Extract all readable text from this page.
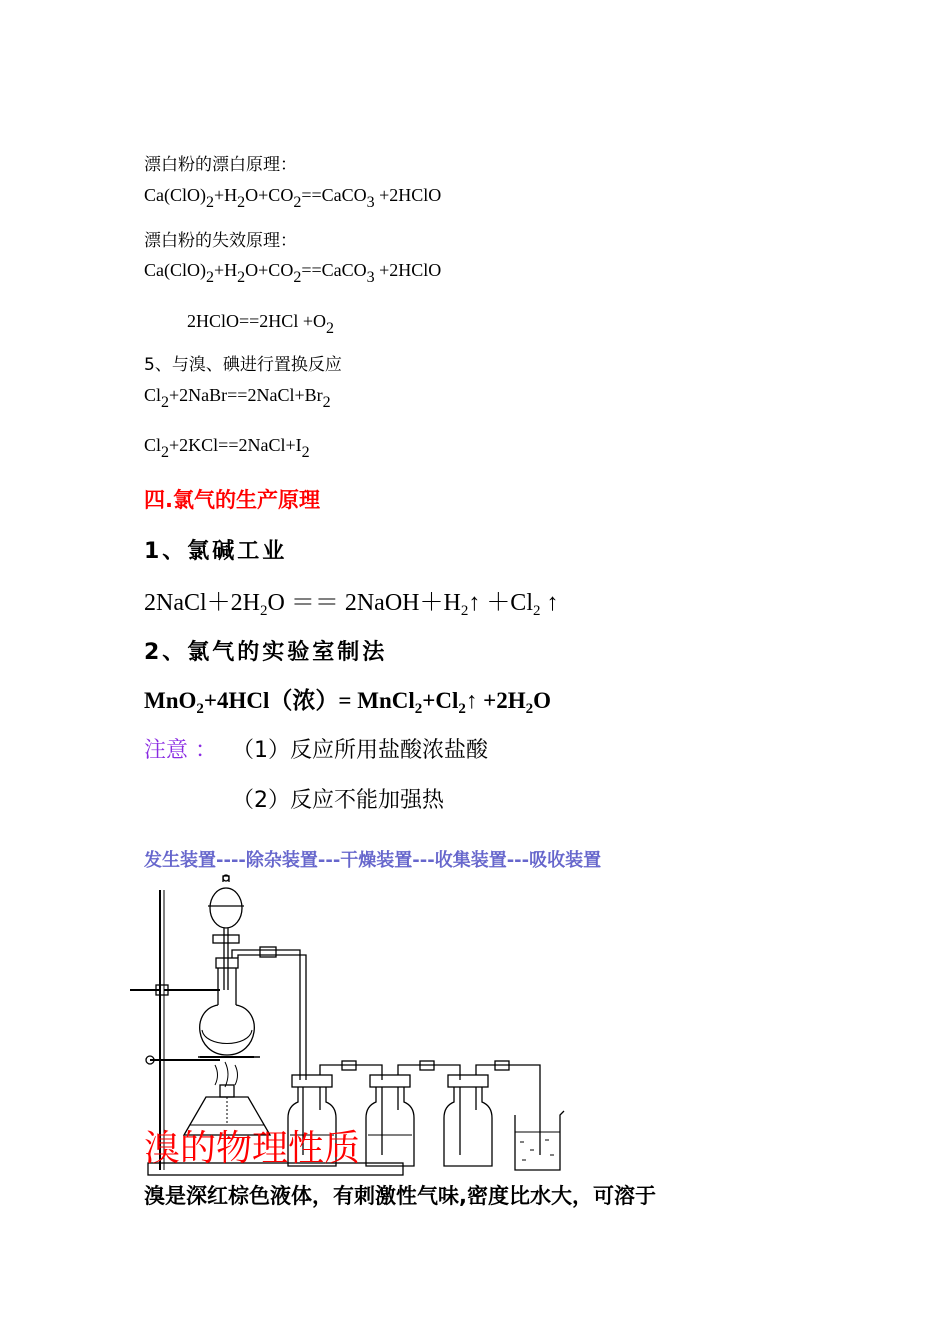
漂白粉的漂白原理：
$Ca(ClO)_2+H_2O+CO_2==CaCO_3$ +2HClO
漂白粉的失效原理：
$Ca(ClO)_2+H_2O+CO_2==CaCO_3$ +2HClO
2HClO==2HCl $+O_2$
5、与溴、碘进行置换反应
$Cl_2+2NaBr==2NaCl+Br_2$
$Cl_2+2KCl==2NaCl+I_2$
四.氯气的生产原理
1、氯碱工业
$2NaCl+2H_2O$ ＝＝ $2NaOH+H_2↑ +Cl_2$ ↑
2、氯气的实验室制法
MnO$_2$+4HCl（浓）= $MnCl_2+Cl_2↑ +2H_2O$
注意 ： （1）反应所用盐酸浓盐酸
（2）反应不能加强热
发生装置----除杂装置---干燥装置---收集装置---吸收装置
溴的物理性质
溴是深红棕色液体，有刺激性气味,密度比水大，可溶于
